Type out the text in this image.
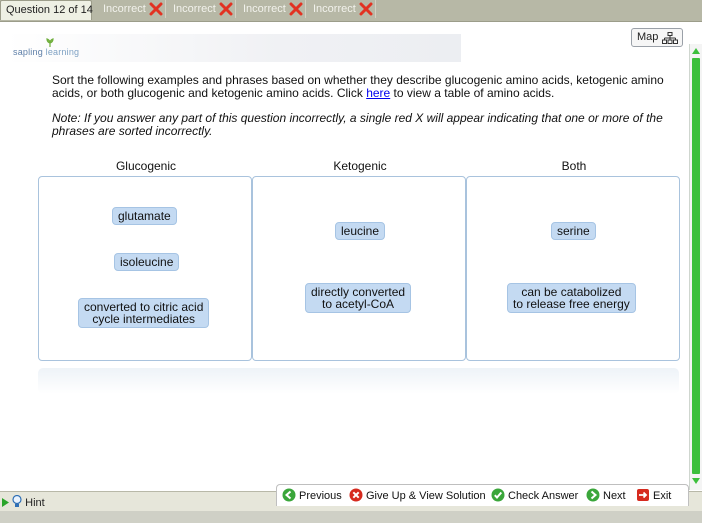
Question 12 of 14 Incorrect	Incorrect	Incorrect	Incorrect
sapling learning
Map
Sort the following examples and phrases based on whether they describe glucogenic amino acids, ketogenic amino acids, or both glucogenic and ketogenic amino acids. Click here to view a table of amino acids.
Note: If you answer any part of this question incorrectly, a single red X will appear indicating that one or more of the phrases are sorted incorrectly.
Glucogenic	Ketogenic	Both
glutamate
isoleucine
converted to citric acid
cycle intermediates
leucine
directly converted
to acetyl-CoA
serine
can be catabolized
to release free energy
Hint
Previous	Give Up & View Solution	Check Answer	Next	Exit
